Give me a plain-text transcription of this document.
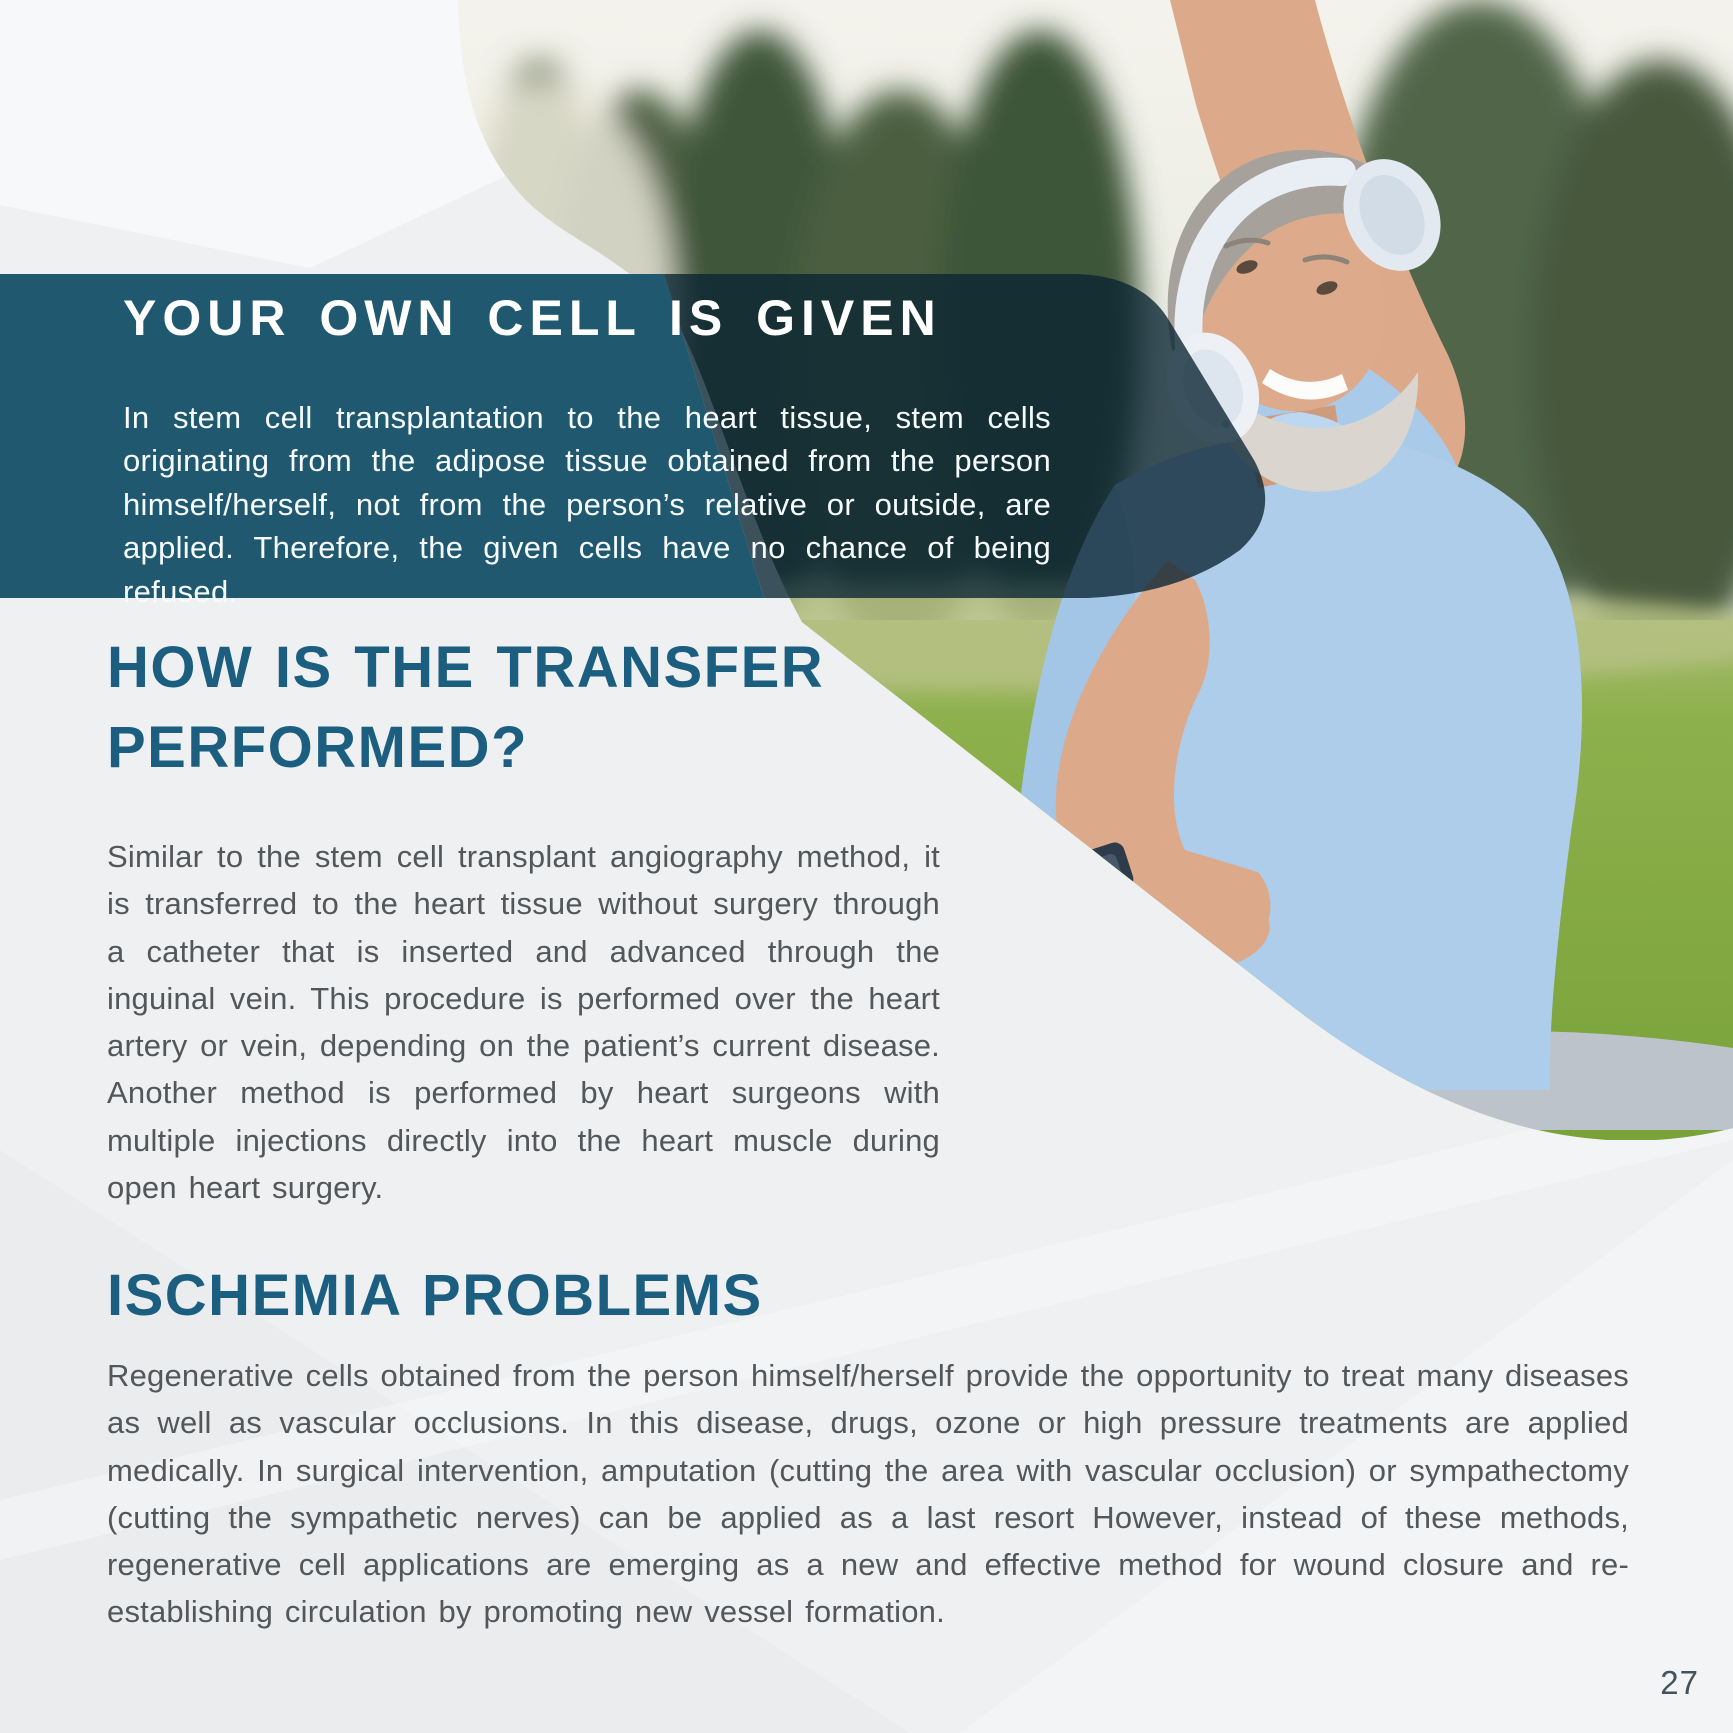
YOUR OWN CELL IS GIVEN

In stem cell transplantation to the heart tissue, stem cells originating from the adipose tissue obtained from the person himself/herself, not from the person’s relative or outside, are applied. Therefore, the given cells have no chance of being refused.

HOW IS THE TRANSFER PERFORMED?

Similar to the stem cell transplant angiography method, it is transferred to the heart tissue without surgery through a catheter that is inserted and advanced through the inguinal vein. This procedure is performed over the heart artery or vein, depending on the patient’s current disease. Another method is performed by heart surgeons with multiple injections directly into the heart muscle during open heart surgery.

ISCHEMIA PROBLEMS

Regenerative cells obtained from the person himself/herself provide the opportunity to treat many diseases as well as vascular occlusions. In this disease, drugs, ozone or high pressure treatments are applied medically. In surgical intervention, amputation (cutting the area with vascular occlusion) or sympathectomy (cutting the sympathetic nerves) can be applied as a last resort However, instead of these methods, regenerative cell applications are emerging as a new and effective method for wound closure and re-establishing circulation by promoting new vessel formation.

27
